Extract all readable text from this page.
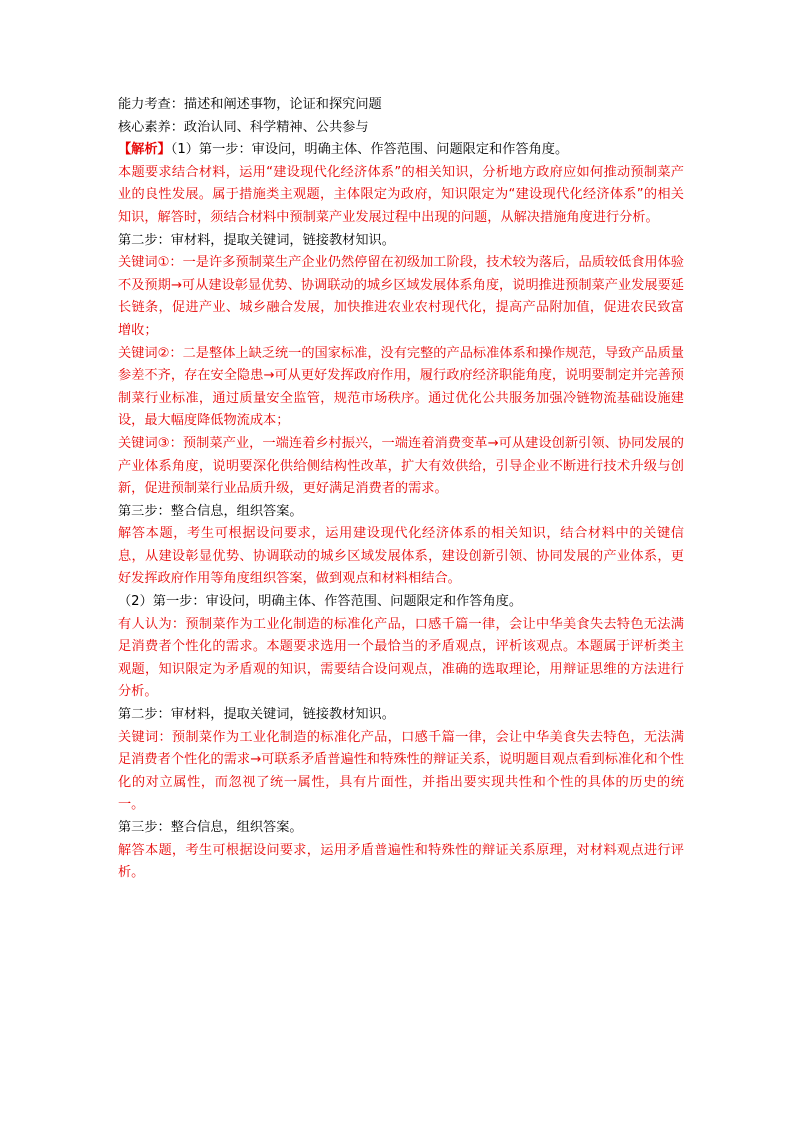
能力考查：描述和阐述事物，论证和探究问题

核心素养：政治认同、科学精神、公共参与

【解析】（1）第一步：审设问，明确主体、作答范围、问题限定和作答角度。

本题要求结合材料，运用“建设现代化经济体系”的相关知识，分析地方政府应如何推动预制菜产业的良性发展。属于措施类主观题，主体限定为政府，知识限定为“建设现代化经济体系”的相关知识，解答时，须结合材料中预制菜产业发展过程中出现的问题，从解决措施角度进行分析。

第二步：审材料，提取关键词，链接教材知识。

关键词①：一是许多预制菜生产企业仍然停留在初级加工阶段，技术较为落后，品质较低食用体验不及预期→可从建设彰显优势、协调联动的城乡区域发展体系角度，说明推进预制菜产业发展要延长链条，促进产业、城乡融合发展，加快推进农业农村现代化，提高产品附加值，促进农民致富增收；

关键词②：二是整体上缺乏统一的国家标准，没有完整的产品标准体系和操作规范，导致产品质量参差不齐，存在安全隐患→可从更好发挥政府作用，履行政府经济职能角度，说明要制定并完善预制菜行业标准，通过质量安全监管，规范市场秩序。通过优化公共服务加强冷链物流基础设施建设，最大幅度降低物流成本；

关键词③：预制菜产业，一端连着乡村振兴，一端连着消费变革→可从建设创新引领、协同发展的产业体系角度，说明要深化供给侧结构性改革，扩大有效供给，引导企业不断进行技术升级与创新，促进预制菜行业品质升级，更好满足消费者的需求。

第三步：整合信息，组织答案。

解答本题，考生可根据设问要求，运用建设现代化经济体系的相关知识，结合材料中的关键信息，从建设彰显优势、协调联动的城乡区域发展体系，建设创新引领、协同发展的产业体系，更好发挥政府作用等角度组织答案，做到观点和材料相结合。

（2）第一步：审设问，明确主体、作答范围、问题限定和作答角度。

有人认为：预制菜作为工业化制造的标准化产品，口感千篇一律，会让中华美食失去特色无法满足消费者个性化的需求。本题要求选用一个最恰当的矛盾观点，评析该观点。本题属于评析类主观题，知识限定为矛盾观的知识，需要结合设问观点，准确的选取理论，用辩证思维的方法进行分析。

第二步：审材料，提取关键词，链接教材知识。

关键词：预制菜作为工业化制造的标准化产品，口感千篇一律，会让中华美食失去特色，无法满足消费者个性化的需求→可联系矛盾普遍性和特殊性的辩证关系，说明题目观点看到标准化和个性化的对立属性，而忽视了统一属性，具有片面性，并指出要实现共性和个性的具体的历史的统一。

第三步：整合信息，组织答案。

解答本题，考生可根据设问要求，运用矛盾普遍性和特殊性的辩证关系原理，对材料观点进行评析。
